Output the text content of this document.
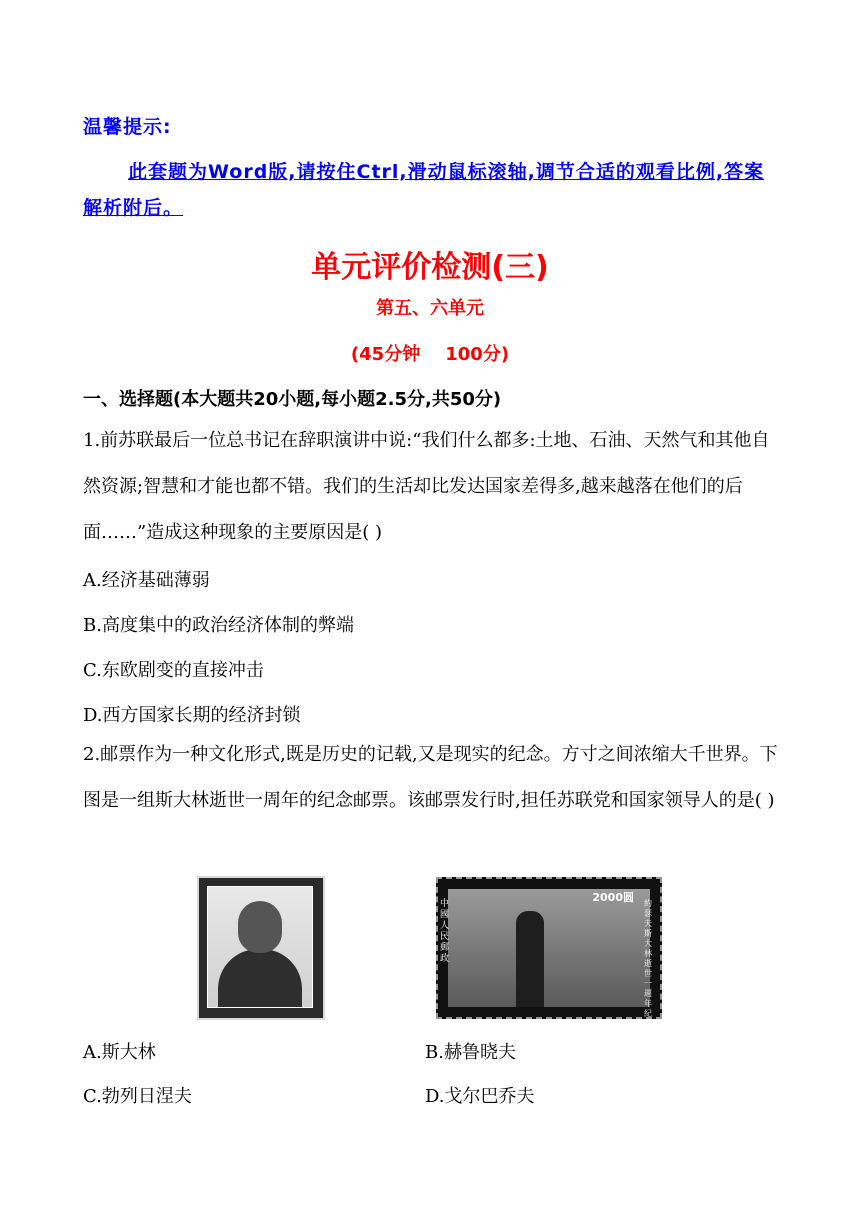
温馨提示:
此套题为Word版,请按住Ctrl,滑动鼠标滚轴,调节合适的观看比例,答案解析附后。
单元评价检测(三)
第五、六单元
(45分钟    100分)
一、选择题(本大题共20小题,每小题2.5分,共50分)
1.前苏联最后一位总书记在辞职演讲中说:“我们什么都多:土地、石油、天然气和其他自然资源;智慧和才能也都不错。我们的生活却比发达国家差得多,越来越落在他们的后面……”造成这种现象的主要原因是( )
A.经济基础薄弱
B.高度集中的政治经济体制的弊端
C.东欧剧变的直接冲击
D.西方国家长期的经济封锁
2.邮票作为一种文化形式,既是历史的记载,又是现实的纪念。方寸之间浓缩大千世界。下图是一组斯大林逝世一周年的纪念邮票。该邮票发行时,担任苏联党和国家领导人的是( )
2000圆
中國人民郵政
約瑟夫斯大林逝世一週年紀念1953-1954
A.斯大林	B.赫鲁晓夫
C.勃列日涅夫	D.戈尔巴乔夫
